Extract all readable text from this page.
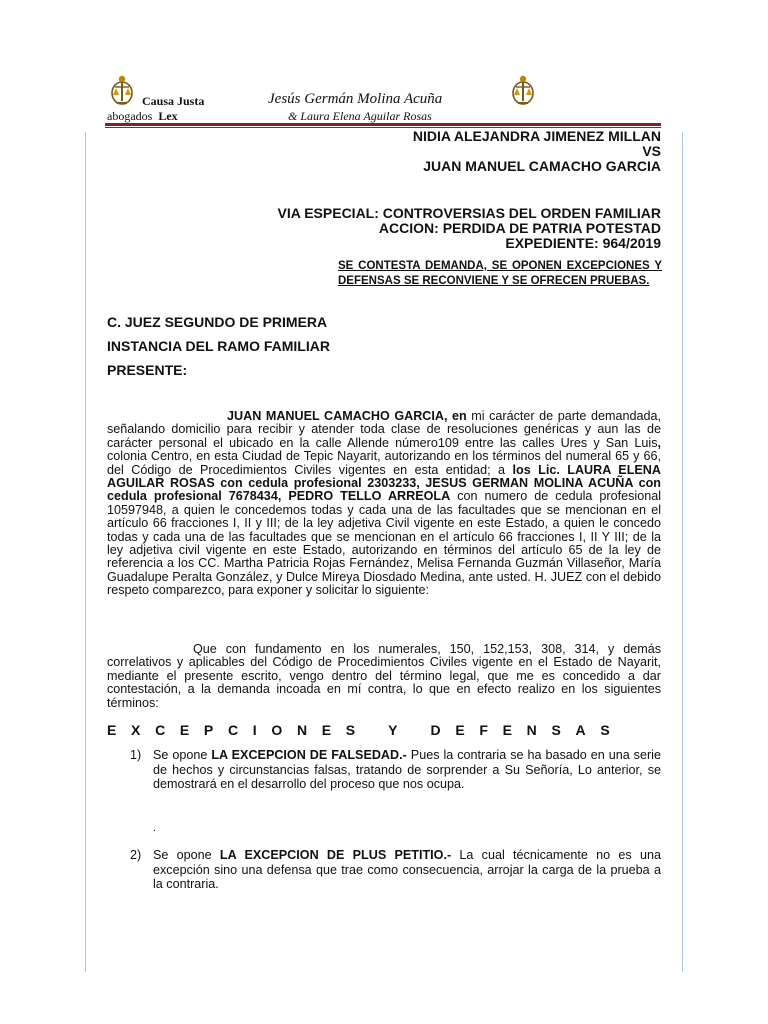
Causa Justa
abogados Lex
Jesús Germán Molina Acuña
& Laura Elena Aguilar Rosas
NIDIA ALEJANDRA JIMENEZ MILLAN
VS
JUAN MANUEL CAMACHO GARCIA
VIA ESPECIAL: CONTROVERSIAS DEL ORDEN FAMILIAR
ACCION: PERDIDA DE PATRIA POTESTAD
EXPEDIENTE: 964/2019
SE CONTESTA DEMANDA, SE OPONEN EXCEPCIONES Y DEFENSAS SE RECONVIENE Y SE OFRECEN PRUEBAS.
C. JUEZ SEGUNDO DE PRIMERA
INSTANCIA DEL RAMO FAMILIAR
PRESENTE:
JUAN MANUEL CAMACHO GARCIA, en mi carácter de parte demandada, señalando domicilio para recibir y atender toda clase de resoluciones genéricas y aun las de carácter personal el ubicado en la calle Allende número109 entre las calles Ures y San Luis, colonia Centro, en esta Ciudad de Tepic Nayarit, autorizando en los términos del numeral 65 y 66, del Código de Procedimientos Civiles vigentes en esta entidad; a los Lic. LAURA ELENA AGUILAR ROSAS con cedula profesional 2303233, JESUS GERMAN MOLINA ACUÑA con cedula profesional 7678434, PEDRO TELLO ARREOLA con numero de cedula profesional 10597948, a quien le concedemos todas y cada una de las facultades que se mencionan en el artículo 66 fracciones I, II y III; de la ley adjetiva Civil vigente en este Estado, a quien le concedo todas y cada una de las facultades que se mencionan en el artículo 66 fracciones I, II Y III; de la ley adjetiva civil vigente en este Estado, autorizando en términos del artículo 65 de la ley de referencia a los CC. Martha Patricia Rojas Fernández, Melisa Fernanda Guzmán Villaseñor, María Guadalupe Peralta González, y Dulce Mireya Diosdado Medina, ante usted. H. JUEZ con el debido respeto comparezco, para exponer y solicitar lo siguiente:
Que con fundamento en los numerales, 150, 152,153, 308, 314, y demás correlativos y aplicables del Código de Procedimientos Civiles vigente en el Estado de Nayarit, mediante el presente escrito, vengo dentro del término legal, que me es concedido a dar contestación, a la demanda incoada en mí contra, lo que en efecto realizo en los siguientes términos:
EXCEPCIONES Y DEFENSAS
1) Se opone LA EXCEPCION DE FALSEDAD.- Pues la contraria se ha basado en una serie de hechos y circunstancias falsas, tratando de sorprender a Su Señoría, Lo anterior, se demostrará en el desarrollo del proceso que nos ocupa.
.
2) Se opone LA EXCEPCION DE PLUS PETITIO.- La cual técnicamente no es una excepción sino una defensa que trae como consecuencia, arrojar la carga de la prueba a la contraria.
